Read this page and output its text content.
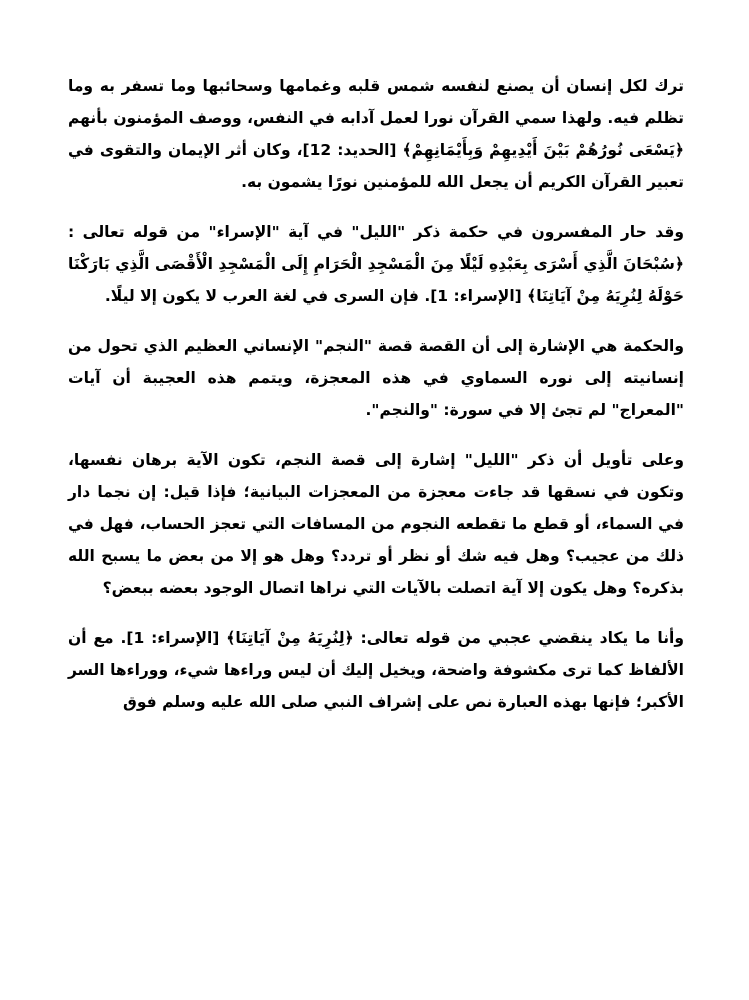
ترك لكل إنسان أن يصنع لنفسه شمس قلبه وغمامها وسحائبها وما تسفر به وما تظلم فيه. ولهذا سمي القرآن نورا لعمل آدابه في النفس، ووصف المؤمنون بأنهم ﴿يَسْعَى نُورُهُمْ بَيْنَ أَيْدِيهِمْ وَبِأَيْمَانِهِمْ﴾ [الحديد: 12]، وكان أثر الإيمان والتقوى في تعبير القرآن الكريم أن يجعل الله للمؤمنين نورًا يشمون به.

وقد حار المفسرون في حكمة ذكر "الليل" في آية "الإسراء" من قوله تعالى : ﴿سُبْحَانَ الَّذِي أَسْرَى بِعَبْدِهِ لَيْلًا مِنَ الْمَسْجِدِ الْحَرَامِ إِلَى الْمَسْجِدِ الْأَقْصَى الَّذِي بَارَكْنَا حَوْلَهُ لِنُرِيَهُ مِنْ آيَاتِنَا﴾ [الإسراء: 1]. فإن السرى في لغة العرب لا يكون إلا ليلًا.

والحكمة هي الإشارة إلى أن القصة قصة "النجم" الإنساني العظيم الذي تحول من إنسانيته إلى نوره السماوي في هذه المعجزة، ويتمم هذه العجيبة أن آيات "المعراج" لم تجئ إلا في سورة: "والنجم".

وعلى تأويل أن ذكر "الليل" إشارة إلى قصة النجم، تكون الآية برهان نفسها، وتكون في نسقها قد جاءت معجزة من المعجزات البيانية؛ فإذا قيل: إن نجما دار في السماء، أو قطع ما تقطعه النجوم من المسافات التي تعجز الحساب، فهل في ذلك من عجيب؟ وهل فيه شك أو نظر أو تردد؟ وهل هو إلا من بعض ما يسبح الله بذكره؟ وهل يكون إلا آية اتصلت بالآيات التي نراها اتصال الوجود بعضه ببعض؟

وأنا ما يكاد ينقضي عجبي من قوله تعالى: ﴿لِنُرِيَهُ مِنْ آيَاتِنَا﴾ [الإسراء: 1]. مع أن الألفاظ كما ترى مكشوفة واضحة، ويخيل إليك أن ليس وراءها شيء، ووراءها السر الأكبر؛ فإنها بهذه العبارة نص على إشراف النبي صلى الله عليه وسلم فوق
